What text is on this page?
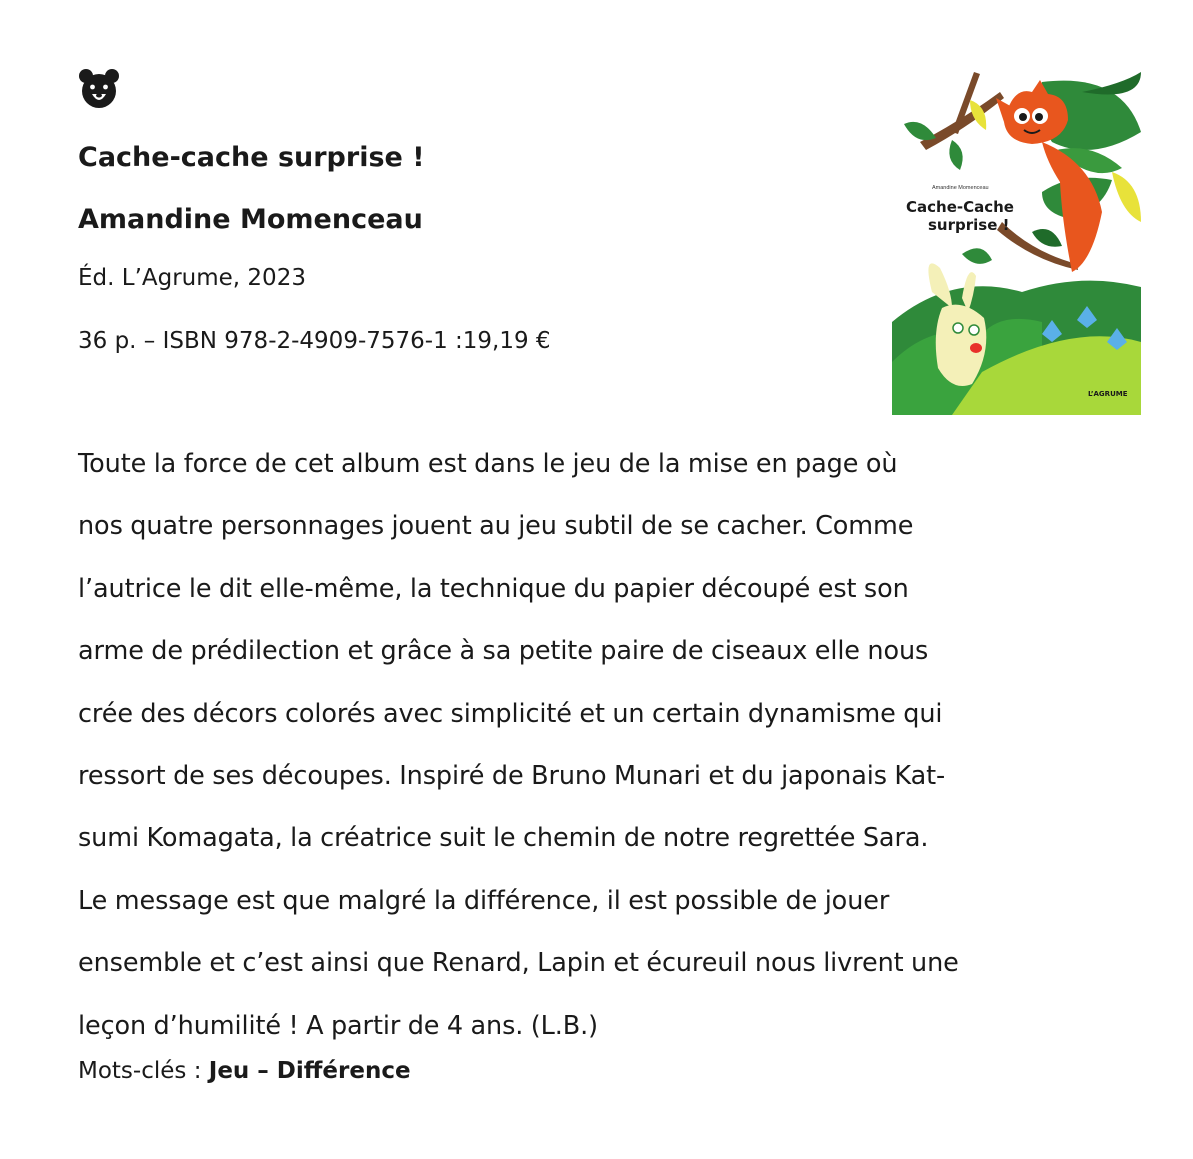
Cache-cache surprise !
Amandine Momenceau
Éd. L’Agrume, 2023
36 p. – ISBN 978-2-4909-7576-1 :19,19 €
Amandine Momenceau
Cache-Cache
surprise !
L’AGRUME
Toute la force de cet album est dans le jeu de la mise en page où
nos quatre personnages jouent au jeu subtil de se cacher. Comme
l’autrice le dit elle-même, la technique du papier découpé est son
arme de prédilection et grâce à sa petite paire de ciseaux elle nous
crée des décors colorés avec simplicité et un certain dynamisme qui
ressort de ses découpes. Inspiré de Bruno Munari et du japonais Kat-
sumi Komagata, la créatrice suit le chemin de notre regrettée Sara.
Le message est que malgré la différence, il est possible de jouer
ensemble et c’est ainsi que Renard, Lapin et écureuil nous livrent une
leçon d’humilité ! A partir de 4 ans. (L.B.)
Mots-clés : Jeu – Différence
